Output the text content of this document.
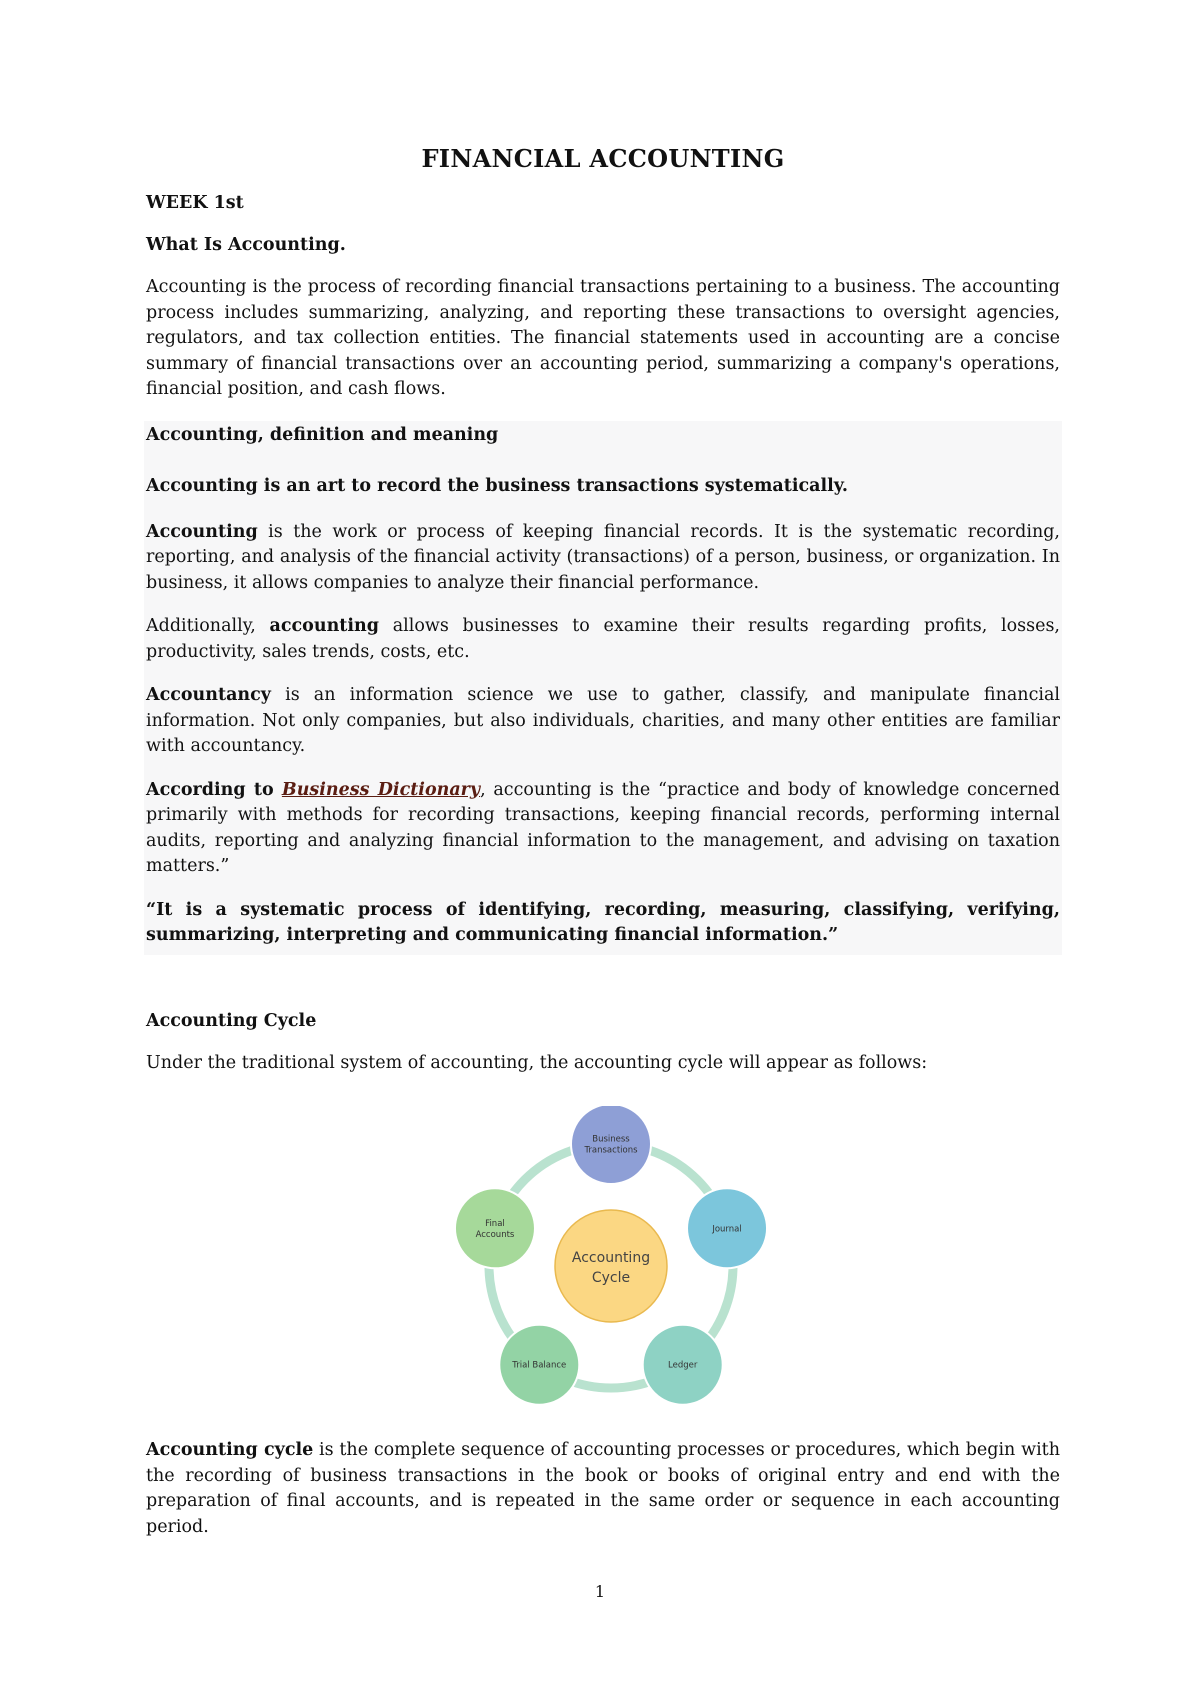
FINANCIAL ACCOUNTING
WEEK 1st
What Is Accounting.

Accounting is the process of recording financial transactions pertaining to a business. The accounting process includes summarizing, analyzing, and reporting these transactions to oversight agencies, regulators, and tax collection entities. The financial statements used in accounting are a concise summary of financial transactions over an accounting period, summarizing a company's operations, financial position, and cash flows.

Accounting, definition and meaning

Accounting is an art to record the business transactions systematically.

Accounting is the work or process of keeping financial records. It is the systematic recording, reporting, and analysis of the financial activity (transactions) of a person, business, or organization. In business, it allows companies to analyze their financial performance.

Additionally, accounting allows businesses to examine their results regarding profits, losses, productivity, sales trends, costs, etc.

Accountancy is an information science we use to gather, classify, and manipulate financial information. Not only companies, but also individuals, charities, and many other entities are familiar with accountancy.

According to Business Dictionary, accounting is the “practice and body of knowledge concerned primarily with methods for recording transactions, keeping financial records, performing internal audits, reporting and analyzing financial information to the management, and advising on taxation matters.”

“It is a systematic process of identifying, recording, measuring, classifying, verifying, summarizing, interpreting and communicating financial information.”

Accounting Cycle

Under the traditional system of accounting, the accounting cycle will appear as follows:

Accounting
Cycle
Business
Transactions
Journal
Ledger
Trial Balance
Final
Accounts

Accounting cycle is the complete sequence of accounting processes or procedures, which begin with the recording of business transactions in the book or books of original entry and end with the preparation of final accounts, and is repeated in the same order or sequence in each accounting period.

1
